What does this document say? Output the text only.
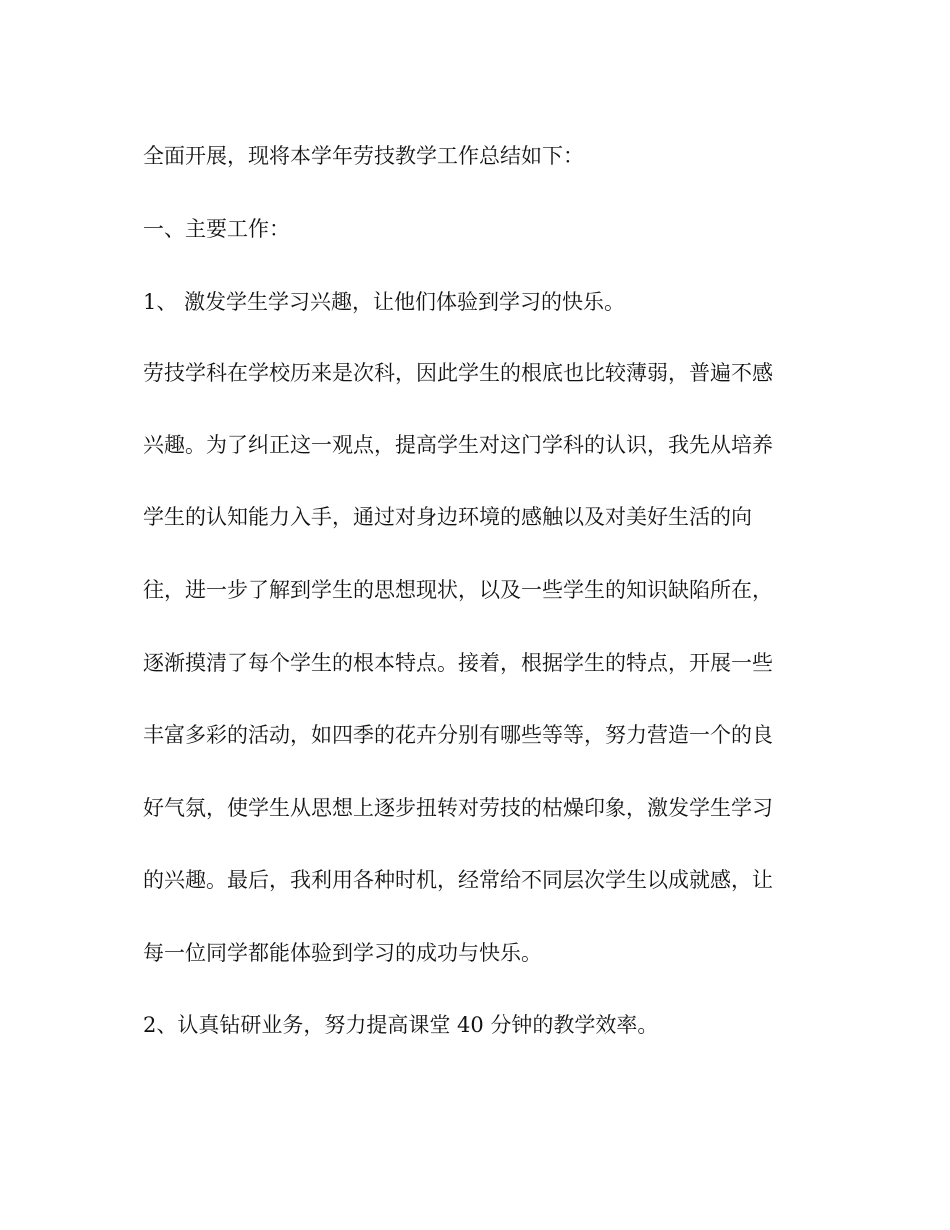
全面开展，现将本学年劳技教学工作总结如下：
一、主要工作：
1、 激发学生学习兴趣，让他们体验到学习的快乐。
劳技学科在学校历来是次科，因此学生的根底也比较薄弱，普遍不感
兴趣。为了纠正这一观点，提高学生对这门学科的认识，我先从培养
学生的认知能力入手，通过对身边环境的感触以及对美好生活的向
往，进一步了解到学生的思想现状，以及一些学生的知识缺陷所在，
逐渐摸清了每个学生的根本特点。接着，根据学生的特点，开展一些
丰富多彩的活动，如四季的花卉分别有哪些等等，努力营造一个的良
好气氛，使学生从思想上逐步扭转对劳技的枯燥印象，激发学生学习
的兴趣。最后，我利用各种时机，经常给不同层次学生以成就感，让
每一位同学都能体验到学习的成功与快乐。
2、认真钻研业务，努力提高课堂 40 分钟的教学效率。
